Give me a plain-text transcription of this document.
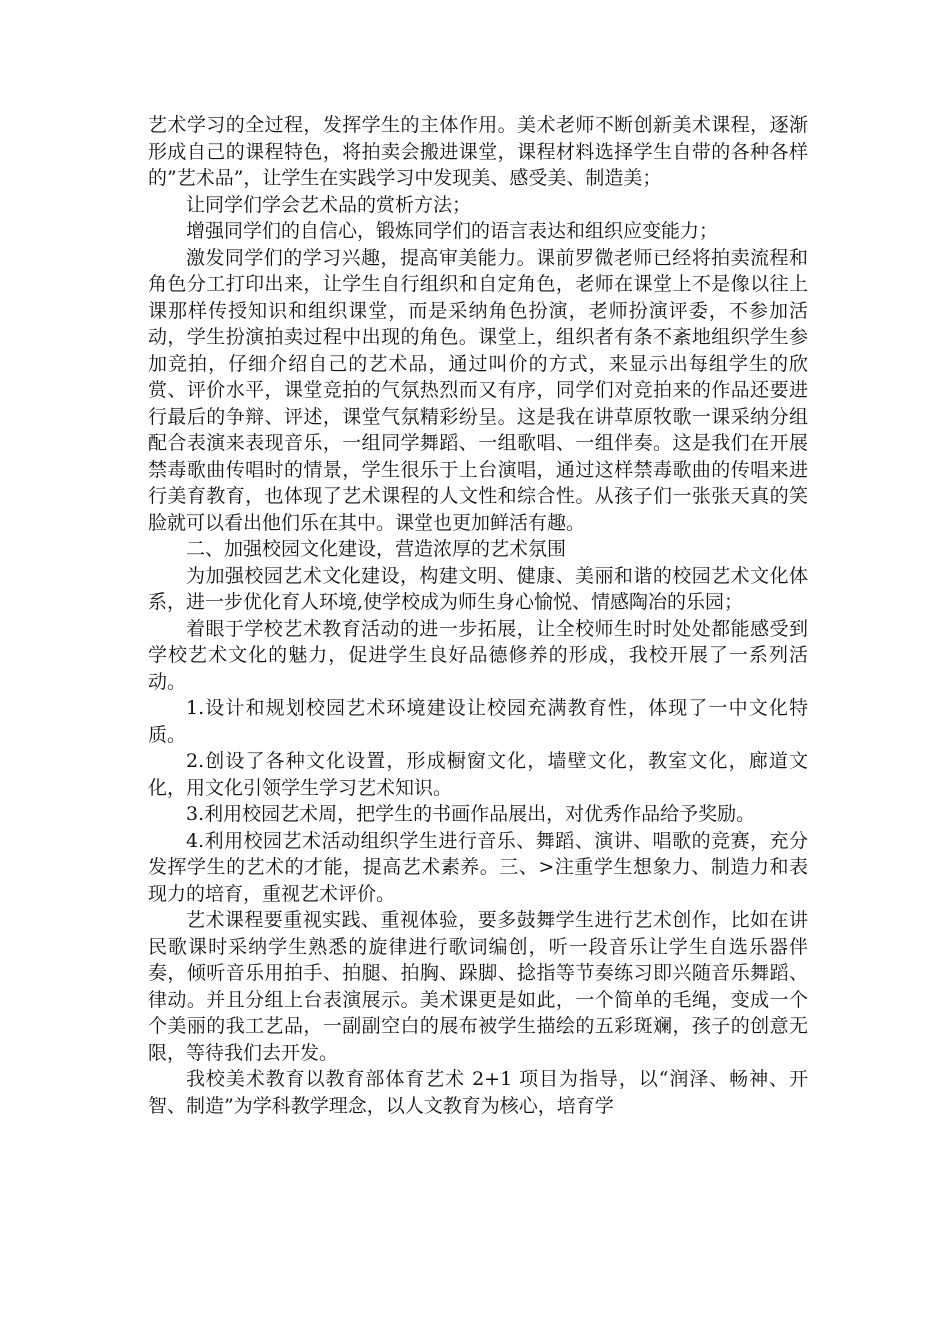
艺术学习的全过程，发挥学生的主体作用。美术老师不断创新美术课程，逐渐形成自己的课程特色，将拍卖会搬进课堂，课程材料选择学生自带的各种各样的”艺术品”，让学生在实践学习中发现美、感受美、制造美；

让同学们学会艺术品的赏析方法；

增强同学们的自信心，锻炼同学们的语言表达和组织应变能力；

激发同学们的学习兴趣，提高审美能力。课前罗微老师已经将拍卖流程和角色分工打印出来，让学生自行组织和自定角色，老师在课堂上不是像以往上课那样传授知识和组织课堂，而是采纳角色扮演，老师扮演评委，不参加活动，学生扮演拍卖过程中出现的角色。课堂上，组织者有条不紊地组织学生参加竞拍，仔细介绍自己的艺术品，通过叫价的方式，来显示出每组学生的欣赏、评价水平，课堂竞拍的气氛热烈而又有序，同学们对竞拍来的作品还要进行最后的争辩、评述，课堂气氛精彩纷呈。这是我在讲草原牧歌一课采纳分组配合表演来表现音乐，一组同学舞蹈、一组歌唱、一组伴奏。这是我们在开展禁毒歌曲传唱时的情景，学生很乐于上台演唱，通过这样禁毒歌曲的传唱来进行美育教育，也体现了艺术课程的人文性和综合性。从孩子们一张张天真的笑脸就可以看出他们乐在其中。课堂也更加鲜活有趣。

二、加强校园文化建设，营造浓厚的艺术氛围

为加强校园艺术文化建设，构建文明、健康、美丽和谐的校园艺术文化体系，进一步优化育人环境,使学校成为师生身心愉悦、情感陶冶的乐园；

着眼于学校艺术教育活动的进一步拓展，让全校师生时时处处都能感受到学校艺术文化的魅力，促进学生良好品德修养的形成，我校开展了一系列活动。

1.设计和规划校园艺术环境建设让校园充满教育性，体现了一中文化特质。

2.创设了各种文化设置，形成橱窗文化，墙壁文化，教室文化，廊道文化，用文化引领学生学习艺术知识。

3.利用校园艺术周，把学生的书画作品展出，对优秀作品给予奖励。

4.利用校园艺术活动组织学生进行音乐、舞蹈、演讲、唱歌的竞赛，充分发挥学生的艺术的才能，提高艺术素养。三、>注重学生想象力、制造力和表现力的培育，重视艺术评价。

艺术课程要重视实践、重视体验，要多鼓舞学生进行艺术创作，比如在讲民歌课时采纳学生熟悉的旋律进行歌词编创，听一段音乐让学生自选乐器伴奏，倾听音乐用拍手、拍腿、拍胸、跺脚、捻指等节奏练习即兴随音乐舞蹈、律动。并且分组上台表演展示。美术课更是如此，一个简单的毛绳，变成一个个美丽的我工艺品，一副副空白的展布被学生描绘的五彩斑斓，孩子的创意无限，等待我们去开发。

我校美术教育以教育部体育艺术 2+1 项目为指导，以“润泽、畅神、开智、制造”为学科教学理念，以人文教育为核心，培育学
